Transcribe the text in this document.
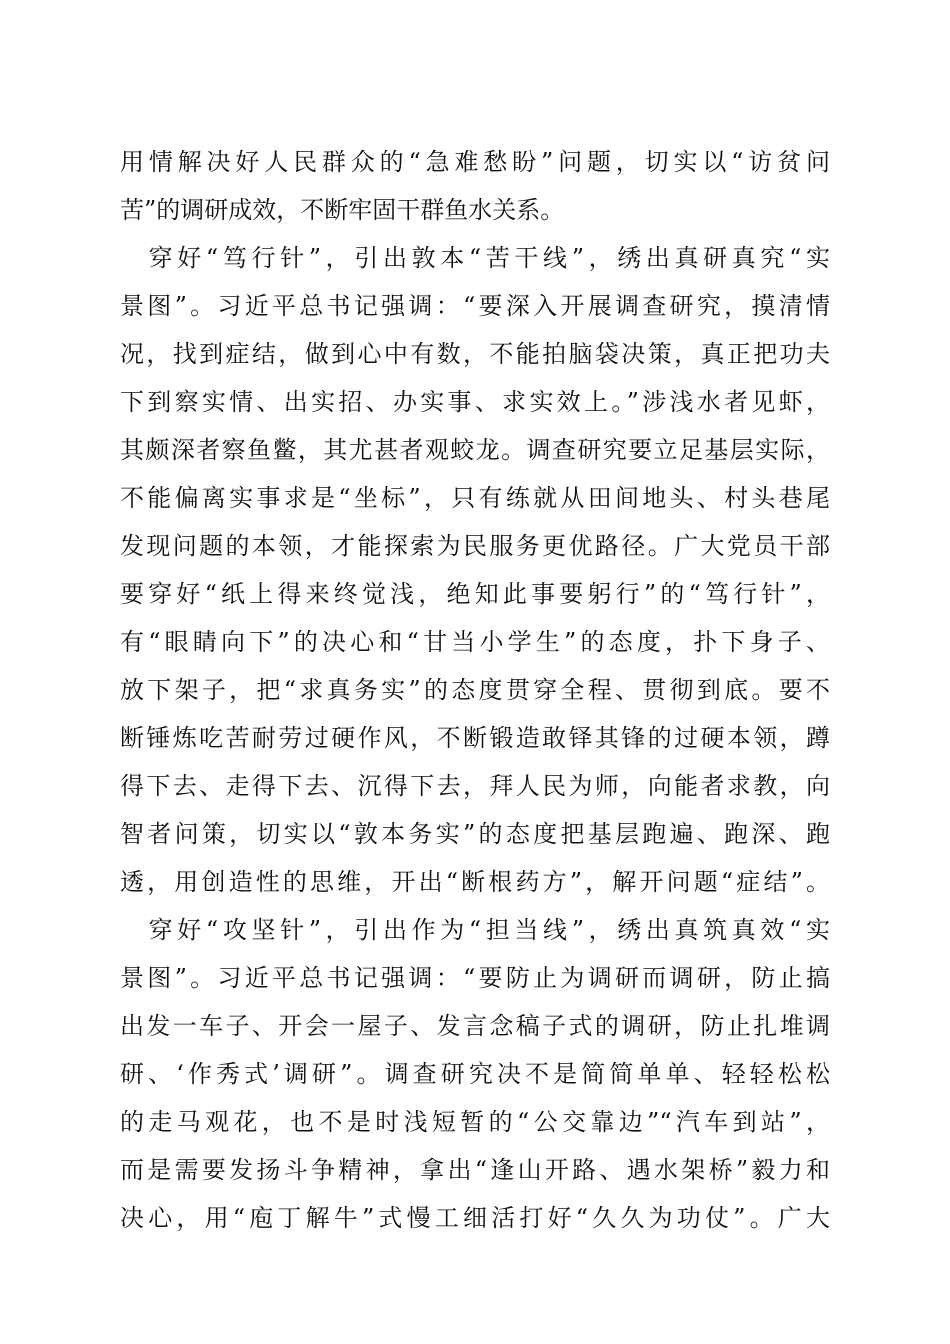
用情解决好人民群众的“急难愁盼”问题，切实以“访贫问
苦”的调研成效，不断牢固干群鱼水关系。
　穿好“笃行针”，引出敦本“苦干线”，绣出真研真究“实
景图”。习近平总书记强调：“要深入开展调查研究，摸清情
况，找到症结，做到心中有数，不能拍脑袋决策，真正把功夫
下到察实情、出实招、办实事、求实效上。”涉浅水者见虾，
其颇深者察鱼鳖，其尤甚者观蛟龙。调查研究要立足基层实际，
不能偏离实事求是“坐标”，只有练就从田间地头、村头巷尾
发现问题的本领，才能探索为民服务更优路径。广大党员干部
要穿好“纸上得来终觉浅，绝知此事要躬行”的“笃行针”，
有“眼睛向下”的决心和“甘当小学生”的态度，扑下身子、
放下架子，把“求真务实”的态度贯穿全程、贯彻到底。要不
断锤炼吃苦耐劳过硬作风，不断锻造敢铎其锋的过硬本领，蹲
得下去、走得下去、沉得下去，拜人民为师，向能者求教，向
智者问策，切实以“敦本务实”的态度把基层跑遍、跑深、跑
透，用创造性的思维，开出“断根药方”，解开问题“症结”。
　穿好“攻坚针”，引出作为“担当线”，绣出真筑真效“实
景图”。习近平总书记强调：“要防止为调研而调研，防止搞
出发一车子、开会一屋子、发言念稿子式的调研，防止扎堆调
研、‘作秀式’调研”。调查研究决不是简简单单、轻轻松松
的走马观花，也不是时浅短暂的“公交靠边”“汽车到站”，
而是需要发扬斗争精神，拿出“逢山开路、遇水架桥”毅力和
决心，用“庖丁解牛”式慢工细活打好“久久为功仗”。广大
